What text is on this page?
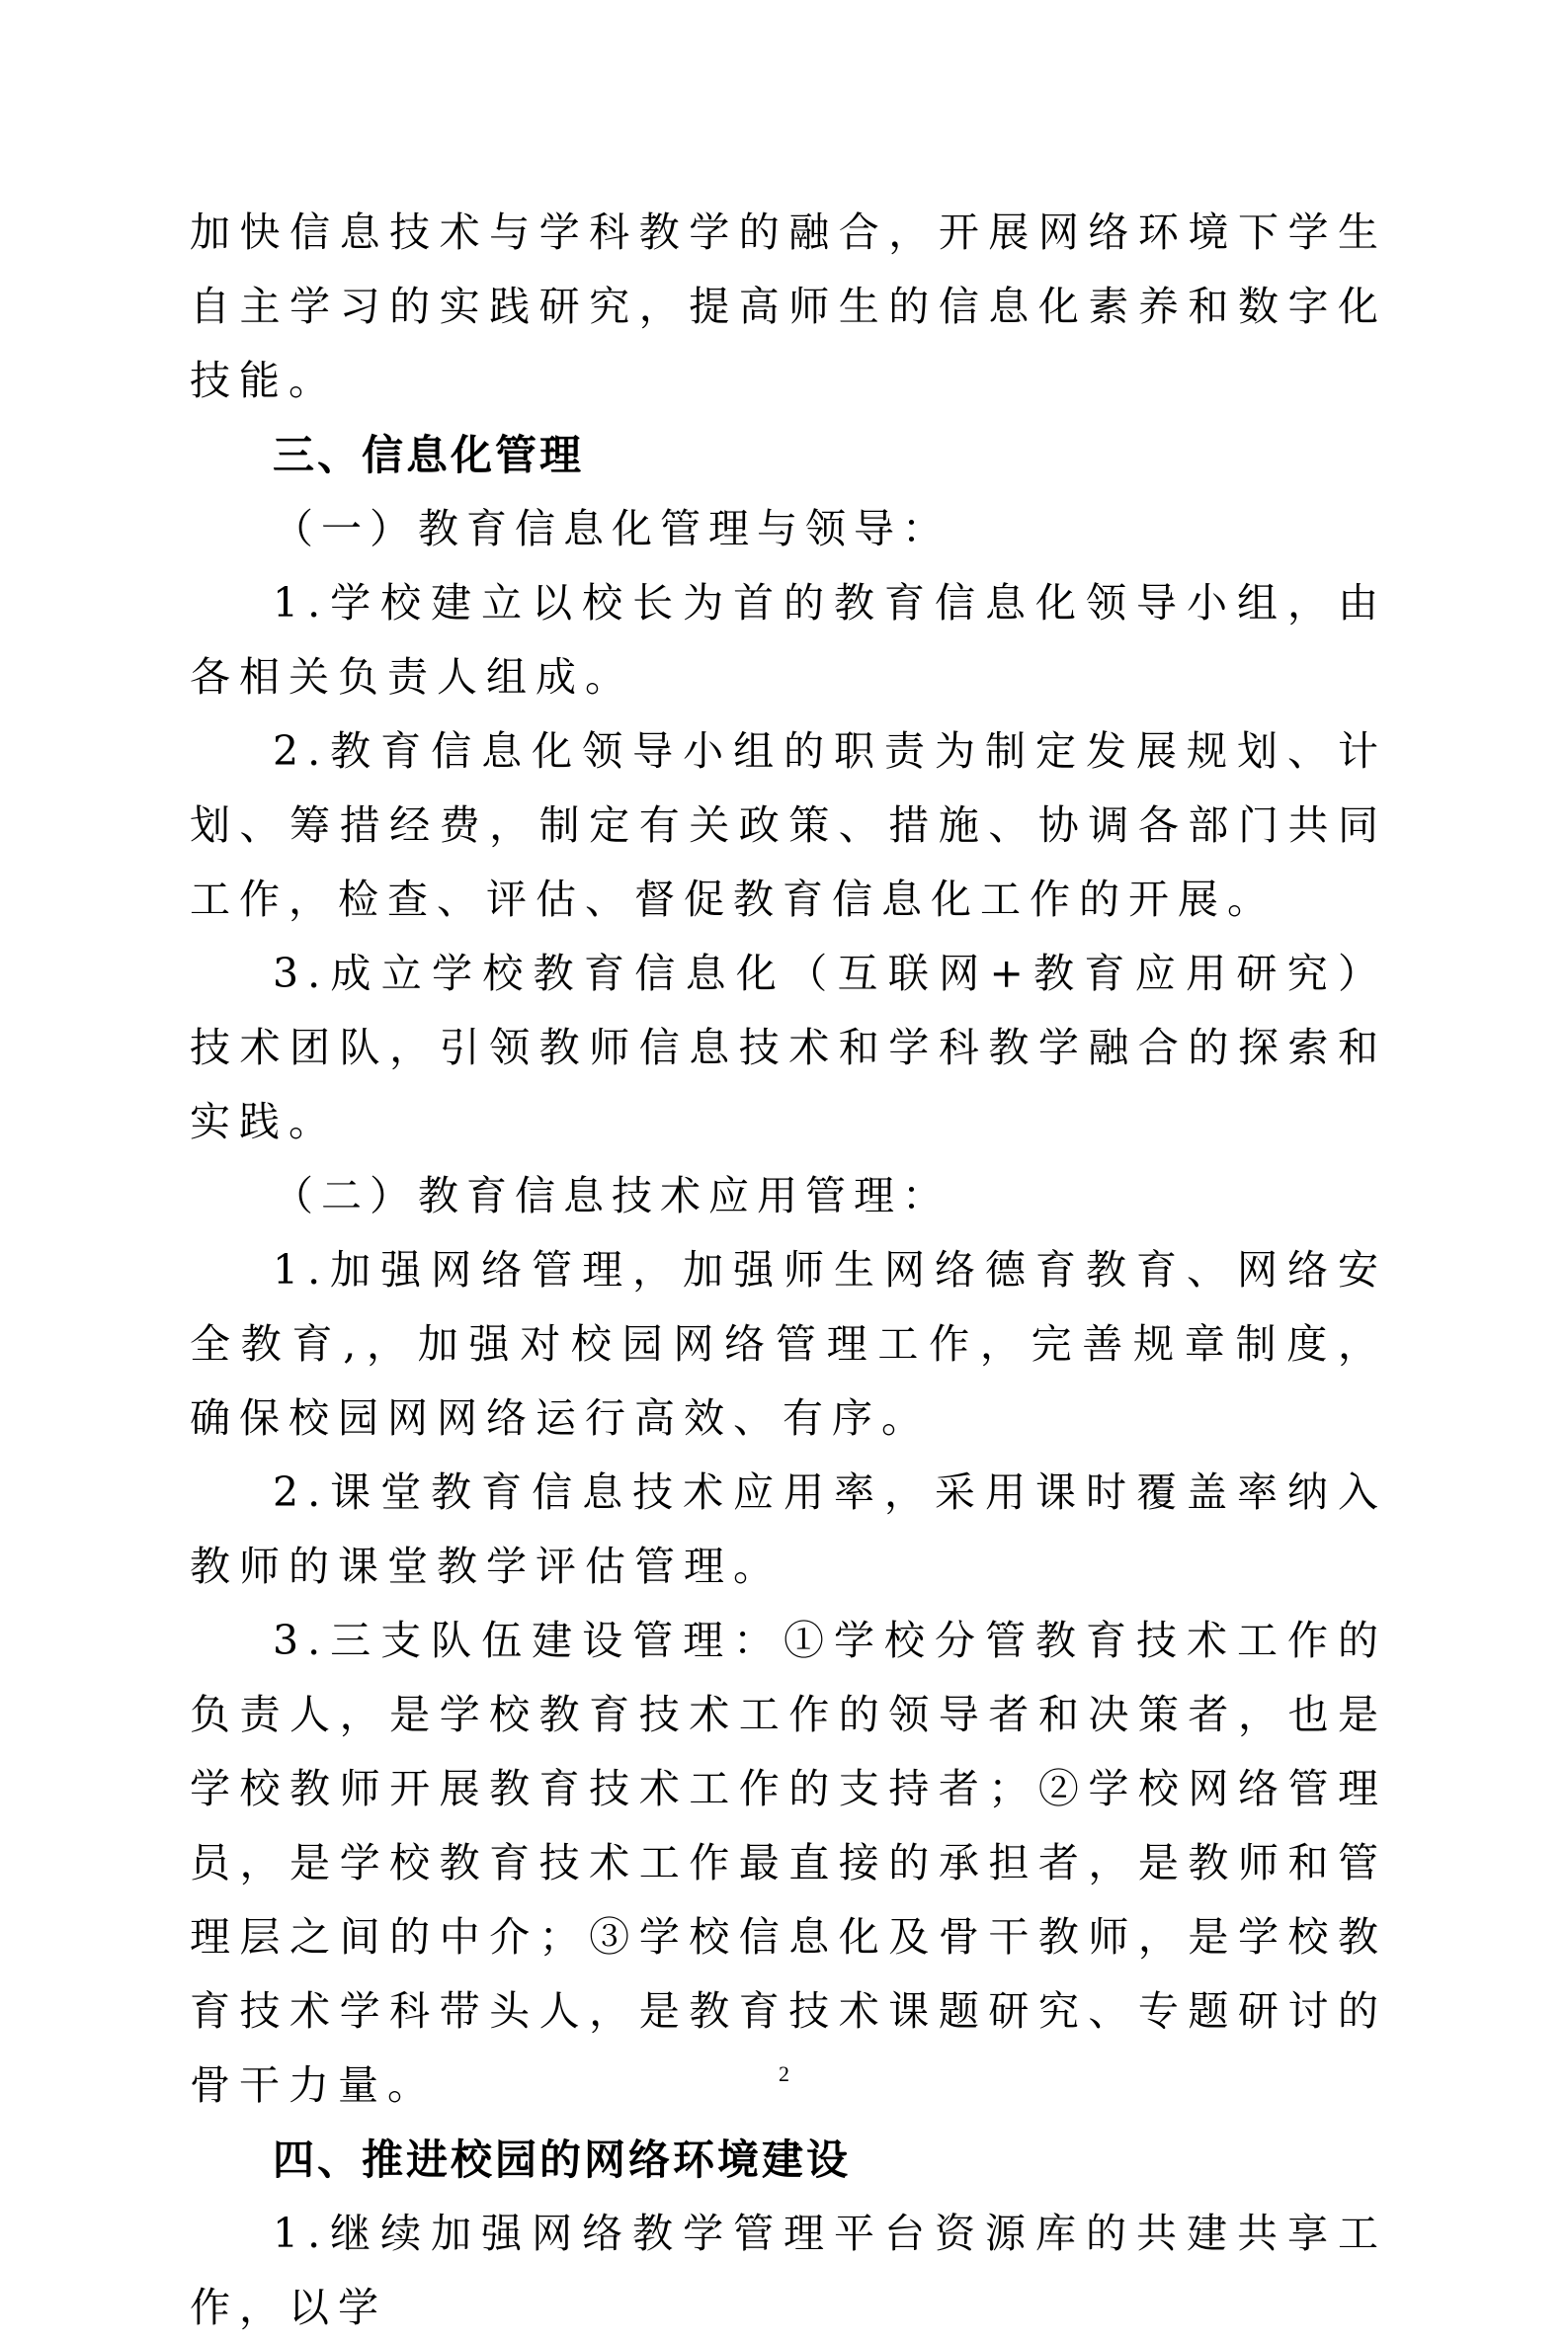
加快信息技术与学科教学的融合，开展网络环境下学生自主学习的实践研究，提高师生的信息化素养和数字化技能。

三、信息化管理

（一）教育信息化管理与领导：

1.学校建立以校长为首的教育信息化领导小组，由各相关负责人组成。

2.教育信息化领导小组的职责为制定发展规划、计划、筹措经费，制定有关政策、措施、协调各部门共同工作，检查、评估、督促教育信息化工作的开展。

3.成立学校教育信息化（互联网+教育应用研究）技术团队，引领教师信息技术和学科教学融合的探索和实践。

（二）教育信息技术应用管理：

1.加强网络管理，加强师生网络德育教育、网络安全教育,，加强对校园网络管理工作，完善规章制度，确保校园网网络运行高效、有序。

2.课堂教育信息技术应用率，采用课时覆盖率纳入教师的课堂教学评估管理。

3.三支队伍建设管理：①学校分管教育技术工作的负责人，是学校教育技术工作的领导者和决策者，也是学校教师开展教育技术工作的支持者；②学校网络管理员，是学校教育技术工作最直接的承担者，是教师和管理层之间的中介；③学校信息化及骨干教师，是学校教育技术学科带头人，是教育技术课题研究、专题研讨的骨干力量。

四、推进校园的网络环境建设

1.继续加强网络教学管理平台资源库的共建共享工作，以学

2
